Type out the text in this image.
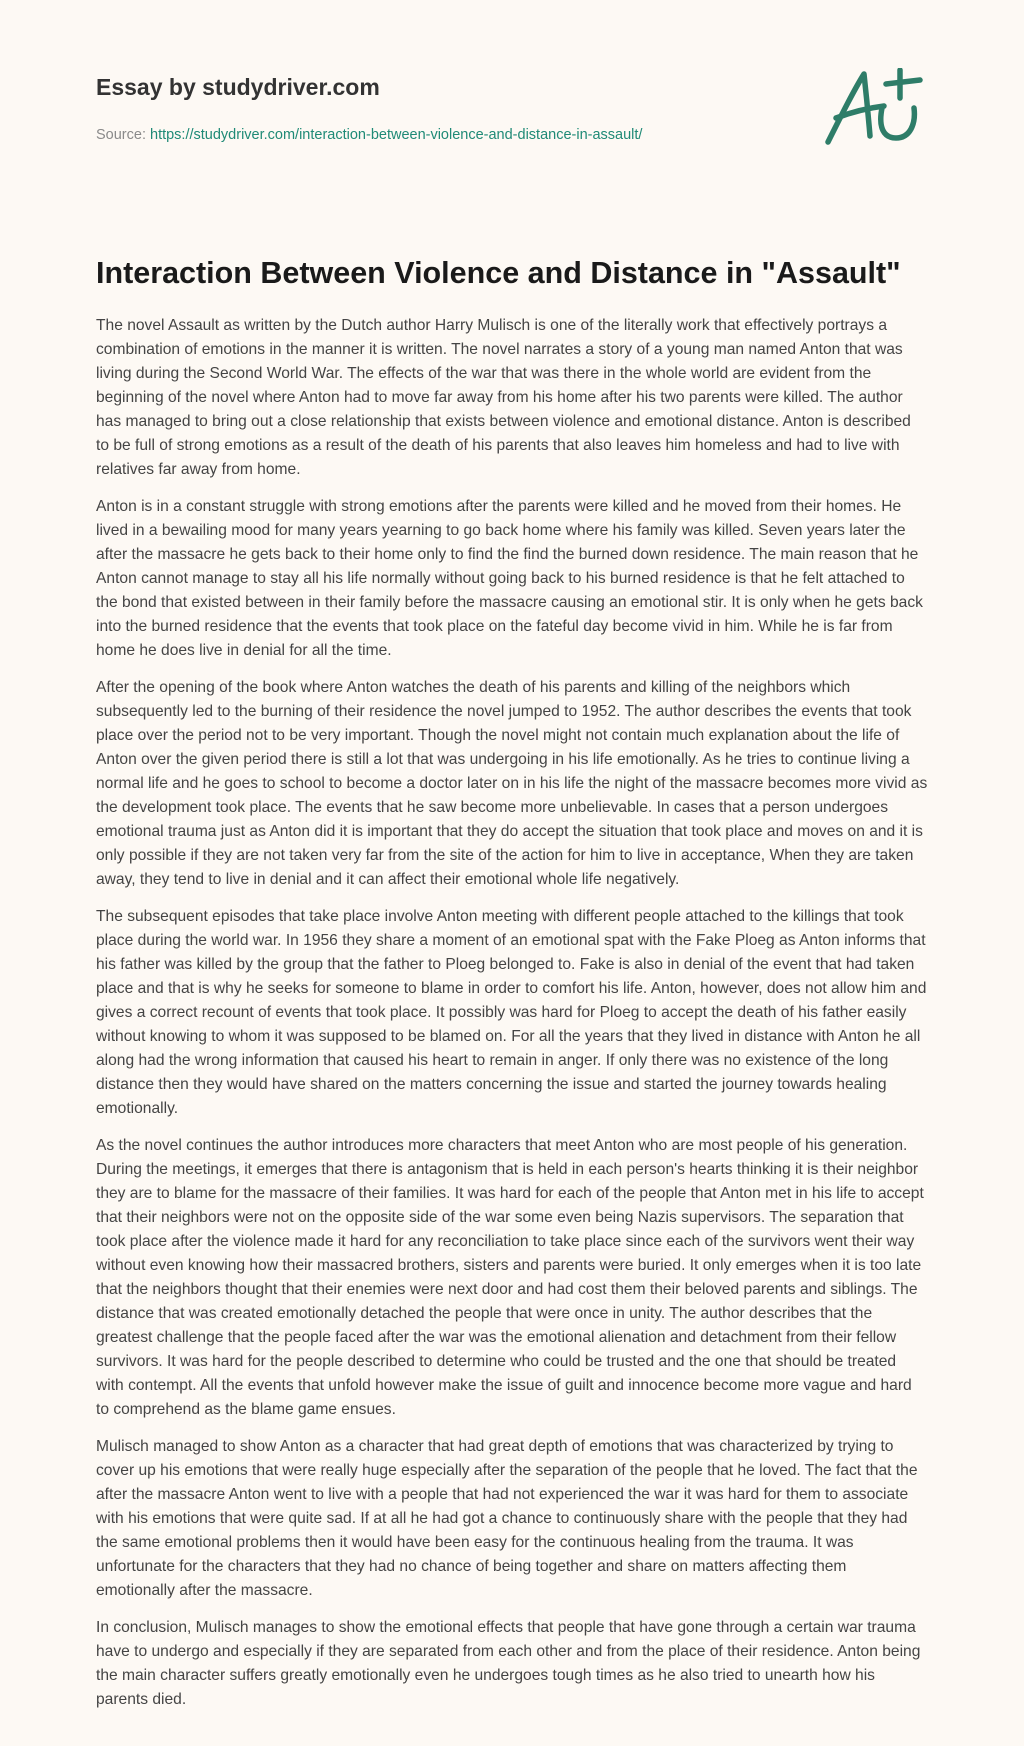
Essay by studydriver.com
Source: https://studydriver.com/interaction-between-violence-and-distance-in-assault/
Interaction Between Violence and Distance in "Assault"

The novel Assault as written by the Dutch author Harry Mulisch is one of the literally work that effectively portrays a combination of emotions in the manner it is written. The novel narrates a story of a young man named Anton that was living during the Second World War. The effects of the war that was there in the whole world are evident from the beginning of the novel where Anton had to move far away from his home after his two parents were killed. The author has managed to bring out a close relationship that exists between violence and emotional distance. Anton is described to be full of strong emotions as a result of the death of his parents that also leaves him homeless and had to live with relatives far away from home.

Anton is in a constant struggle with strong emotions after the parents were killed and he moved from their homes. He lived in a bewailing mood for many years yearning to go back home where his family was killed. Seven years later the after the massacre he gets back to their home only to find the find the burned down residence. The main reason that he Anton cannot manage to stay all his life normally without going back to his burned residence is that he felt attached to the bond that existed between in their family before the massacre causing an emotional stir. It is only when he gets back into the burned residence that the events that took place on the fateful day become vivid in him. While he is far from home he does live in denial for all the time.

After the opening of the book where Anton watches the death of his parents and killing of the neighbors which subsequently led to the burning of their residence the novel jumped to 1952. The author describes the events that took place over the period not to be very important. Though the novel might not contain much explanation about the life of Anton over the given period there is still a lot that was undergoing in his life emotionally. As he tries to continue living a normal life and he goes to school to become a doctor later on in his life the night of the massacre becomes more vivid as the development took place. The events that he saw become more unbelievable. In cases that a person undergoes emotional trauma just as Anton did it is important that they do accept the situation that took place and moves on and it is only possible if they are not taken very far from the site of the action for him to live in acceptance, When they are taken away, they tend to live in denial and it can affect their emotional whole life negatively.

The subsequent episodes that take place involve Anton meeting with different people attached to the killings that took place during the world war. In 1956 they share a moment of an emotional spat with the Fake Ploeg as Anton informs that his father was killed by the group that the father to Ploeg belonged to. Fake is also in denial of the event that had taken place and that is why he seeks for someone to blame in order to comfort his life. Anton, however, does not allow him and gives a correct recount of events that took place. It possibly was hard for Ploeg to accept the death of his father easily without knowing to whom it was supposed to be blamed on. For all the years that they lived in distance with Anton he all along had the wrong information that caused his heart to remain in anger. If only there was no existence of the long distance then they would have shared on the matters concerning the issue and started the journey towards healing emotionally.

As the novel continues the author introduces more characters that meet Anton who are most people of his generation. During the meetings, it emerges that there is antagonism that is held in each person's hearts thinking it is their neighbor they are to blame for the massacre of their families. It was hard for each of the people that Anton met in his life to accept that their neighbors were not on the opposite side of the war some even being Nazis supervisors. The separation that took place after the violence made it hard for any reconciliation to take place since each of the survivors went their way without even knowing how their massacred brothers, sisters and parents were buried. It only emerges when it is too late that the neighbors thought that their enemies were next door and had cost them their beloved parents and siblings. The distance that was created emotionally detached the people that were once in unity. The author describes that the greatest challenge that the people faced after the war was the emotional alienation and detachment from their fellow survivors. It was hard for the people described to determine who could be trusted and the one that should be treated with contempt. All the events that unfold however make the issue of guilt and innocence become more vague and hard to comprehend as the blame game ensues.

Mulisch managed to show Anton as a character that had great depth of emotions that was characterized by trying to cover up his emotions that were really huge especially after the separation of the people that he loved. The fact that the after the massacre Anton went to live with a people that had not experienced the war it was hard for them to associate with his emotions that were quite sad. If at all he had got a chance to continuously share with the people that they had the same emotional problems then it would have been easy for the continuous healing from the trauma. It was unfortunate for the characters that they had no chance of being together and share on matters affecting them emotionally after the massacre.

In conclusion, Mulisch manages to show the emotional effects that people that have gone through a certain war trauma have to undergo and especially if they are separated from each other and from the place of their residence. Anton being the main character suffers greatly emotionally even he undergoes tough times as he also tried to unearth how his parents died.
